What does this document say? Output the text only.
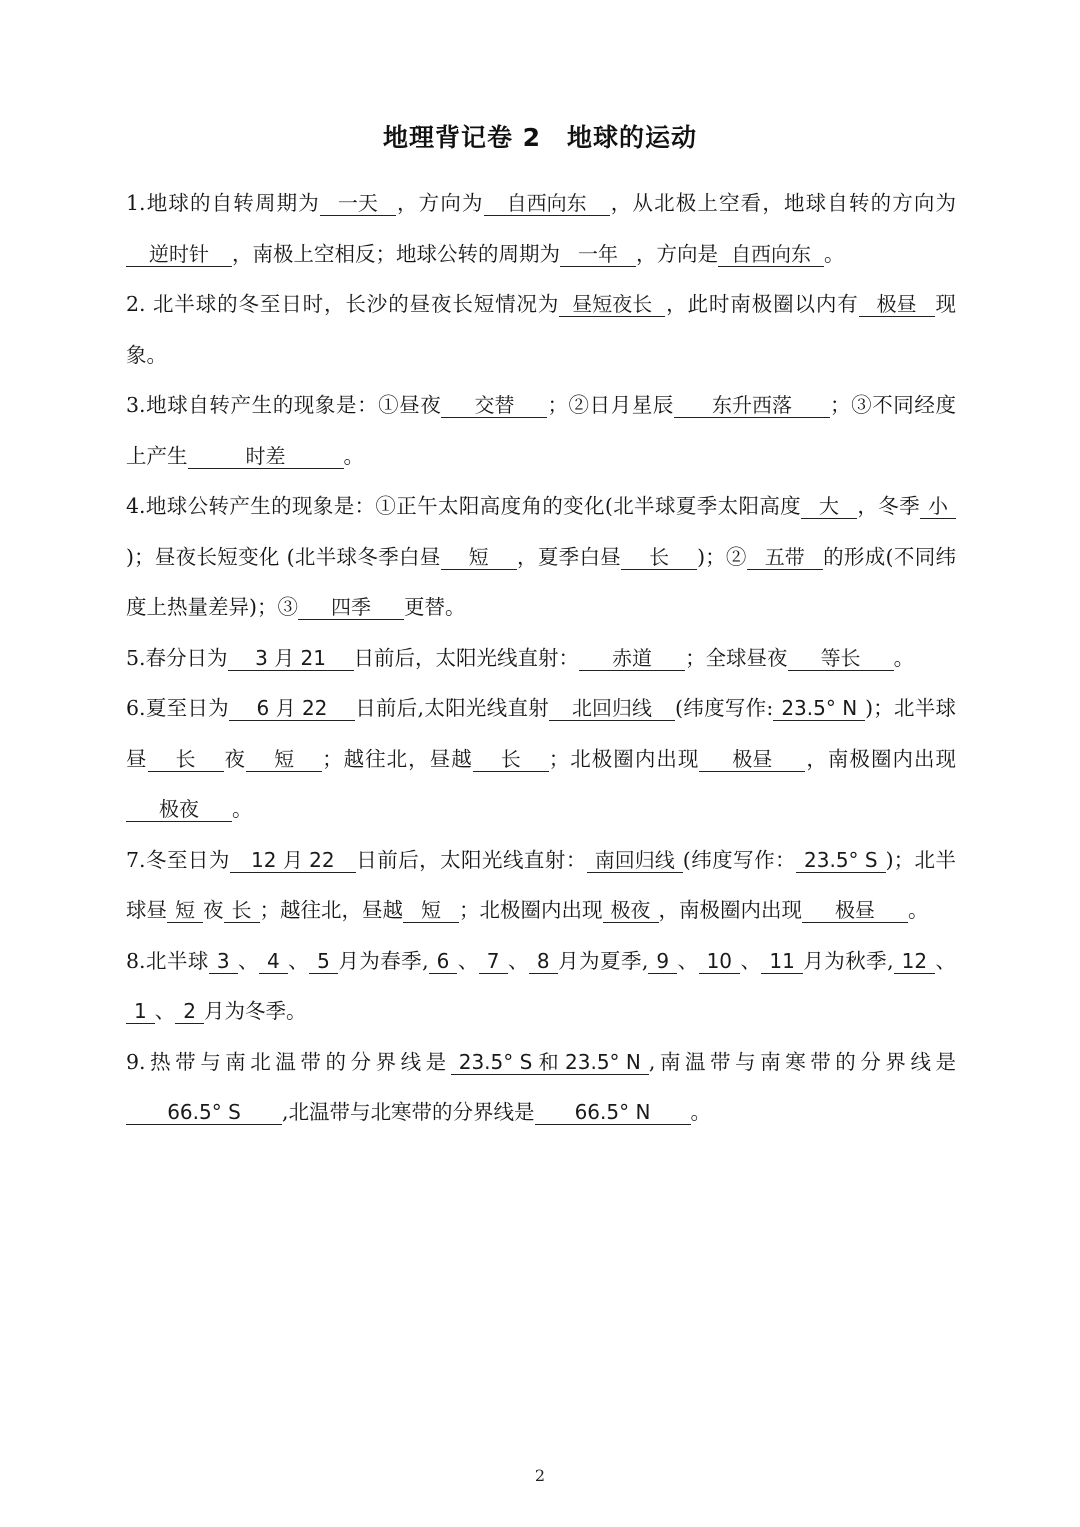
地理背记卷 2　地球的运动

1.地球的自转周期为 一天 ，方向为 自西向东 ，从北极上空看，地球自转的方向为逆时针 ，南极上空相反；地球公转的周期为 一年 ，方向是 自西向东 。

2. 北半球的冬至日时，长沙的昼夜长短情况为 昼短夜长 ，此时南极圈以内有 极昼 现象。

3.地球自转产生的现象是：①昼夜 交替 ；②日月星辰 东升西落 ；③不同经度上产生	时差	。

4.地球公转产生的现象是：①正午太阳高度角的变化(北半球夏季太阳高度 大 ，冬季 小)；昼夜长短变化 (北半球冬季白昼 短 ，夏季白昼 长 )；② 五带 的形成(不同纬度上热量差异)；③ 四季 更替。

5.春分日为 3 月 21 日前后，太阳光线直射： 赤道 ；全球昼夜 等长 。

6.夏至日为 6 月 22 日前后,太阳光线直射 北回归线 (纬度写作: 23.5° N )；北半球昼 长 夜 短 ；越往北，昼越 长 ；北极圈内出现 极昼 ，南极圈内出现极夜 。

7.冬至日为 12 月 22 日前后，太阳光线直射： 南回归线 (纬度写作： 23.5° S )；北半球昼 短 夜 长 ；越往北，昼越 短 ；北极圈内出现 极夜 ，南极圈内出现 极昼 。

8.北半球 3 、 4 、 5 月为春季, 6 、 7 、 8 月为夏季, 9 、 10 、 11 月为秋季, 12 、1 、 2 月为冬季。

9.热带与南北温带的分界线是 23.5° S 和 23.5° N ,南温带与南寒带的分界线是66.5° S ,北温带与北寒带的分界线是 66.5° N 。

2
